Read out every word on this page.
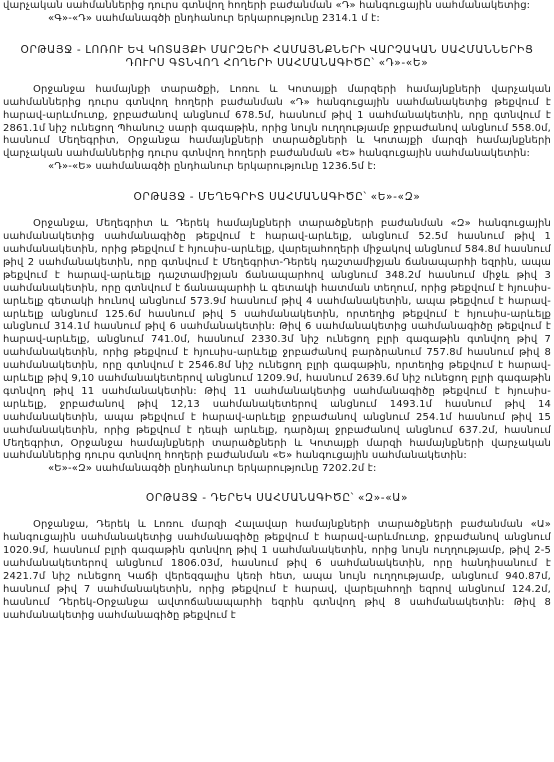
վարչական սահմաններից դուրս գտնվող հողերի բաժանման «Դ» հանգուցային սահմանակետից:

«Գ»-«Դ» սահմանագծի ընդհանուր երկարությունը 2314.1 մ է:

ՕՐԹԱՅՋ - ԼՈՌՈՒ ԵՎ ԿՈՏԱՅՔԻ ՄԱՐԶԵՐԻ ՀԱՄԱՅՆՔՆԵՐԻ ՎԱՐՉԱԿԱՆ ՍԱՀՄԱՆՆԵՐԻՑ ԴՈՒՐՍ ԳՏՆՎՈՂ ՀՈՂԵՐԻ ՍԱՀՄԱՆԱԳԻԾԸ՝ «Դ»-«Ե»

Օրջանջա համայնքի տարածքի, Լոռու և Կոտայքի մարզերի համայնքների վարչական սահմաններից դուրս գտնվող հողերի բաժանման «Դ» հանգուցային սահմանակետից թեքվում է հարավ-արևմուտք, ջրբաժանով անցնում 678.5մ, հասնում թիվ 1 սահմանակետին, որը գտնվում է 2861.1մ նիշ ունեցող Պհանուշ սարի գագաթին, որից նույն ուղղությամբ ջրբաժանով անցնում 558.0մ, հասնում Մեղեգրիտ, Օրջանջա համայնքների տարածքների և Կոտայքի մարզի համայնքների վարչական սահմաններից դուրս գտնվող հողերի բաժանման «Ե» հանգուցային սահմանակետին:

«Դ»-«Ե» սահմանագծի ընդհանուր երկարությունը 1236.5մ է:

ՕՐԹԱՅՋ - ՄԵՂԵԳՐԻՏ ՍԱՀՄԱՆԱԳԻԾԸ՝ «Ե»-«Զ»

Օրջանջա, Մեղեգրիտ և Դերեկ համայնքների տարածքների բաժանման «Զ» հանգուցային սահմանակետից սահմանագիծը թեքվում է հարավ-արևելք, անցնում 52.5մ հասնում թիվ 1 սահմանակետին, որից թեքվում է հյուսիս-արևելք, վարելահողերի միջակով անցնում 584.8մ հասնում թիվ 2 սահմանակետին, որը գտնվում է Մեղեգրիտ-Դերեկ դաշտամիջյան ճանապարհի եզրին, ապա թեքվում է հարավ-արևելք դաշտամիջյան ճանապարհով անցնում 348.2մ հասնում միջև թիվ 3 սահմանակետին, որը գտնվում է ճանապարհի և գետակի հատման տեղում, որից թեքվում է հյուսիս-արևելք գետակի հունով անցնում 573.9մ հասնում թիվ 4 սահմանակետին, ապա թեքվում է հարավ-արևելք անցնում 125.6մ հասնում թիվ 5 սահմանակետին, որտեղից թեքվում է հյուսիս-արևելք անցնում 314.1մ հասնում թիվ 6 սահմանակետին: Թիվ 6 սահմանակետից սահմանագիծը թեքվում է հարավ-արևելք, անցնում 741.0մ, հասնում 2330.3մ նիշ ունեցող բլրի գագաթին գտնվող թիվ 7 սահմանակետին, որից թեքվում է հյուսիս-արևելք ջրբաժանով բարձրանում 757.8մ հասնում թիվ 8 սահմանակետին, որը գտնվում է 2546.8մ նիշ ունեցող բլրի գագաթին, որտեղից թեքվում է հարավ-արևելք թիվ 9,10 սահմանակետերով անցնում 1209.9մ, հասնում 2639.6մ նիշ ունեցող բլրի գագաթին գտնվող թիվ 11 սահմանակետին: Թիվ 11 սահմանակետից սահմանագիծը թեքվում է հյուսիս-արևելք, ջրբաժանով թիվ 12,13 սահմանակետերով անցնում 1493.1մ հասնում թիվ 14 սահմանակետին, ապա թեքվում է հարավ-արևելք ջրբաժանով անցնում 254.1մ հասնում թիվ 15 սահմանակետին, որից թեքվում է դեպի արևելք, դարձյալ ջրբաժանով անցնում 637.2մ, հասնում Մեղեգրիտ, Օրջանջա համայնքների տարածքների և Կոտայքի մարզի համայնքների վարչական սահմաններից դուրս գտնվող հողերի բաժանման «Ե» հանգուցային սահմանակետին:

«Ե»-«Զ» սահմանագծի ընդհանուր երկարությունը 7202.2մ է:

ՕՐԹԱՅՋ - ԴԵՐԵԿ ՍԱՀՄԱՆԱԳԻԾԸ՝ «Զ»-«Ա»

Օրջանջա, Դերեկ և Լոռու մարզի Հալավար համայնքների տարածքների բաժանման «Ա» հանգուցային սահմանակետից սահմանագիծը թեքվում է հարավ-արևմուտք, ջրբաժանով անցնում 1020.9մ, հասնում բլրի գագաթին գտնվող թիվ 1 սահմանակետին, որից նույն ուղղությամբ, թիվ 2-5 սահմանակետերով անցնում 1806.03մ, հասնում թիվ 6 սահմանակետին, որը հանդիսանում է 2421.7մ նիշ ունեցող Կաճի վերեզգալիս կեռի հետ, ապա նույն ուղղությամբ, անցնում 940.87մ, հասնում թիվ 7 սահմանակետին, որից թեքվում է հարավ, վարելահողի եզրով անցնում 124.2մ, հասնում Դերեկ-Օրջանջա ավտոճանապարհի եզրին գտնվող թիվ 8 սահմանակետին: Թիվ 8 սահմանակետից սահմանագիծը թեքվում է
